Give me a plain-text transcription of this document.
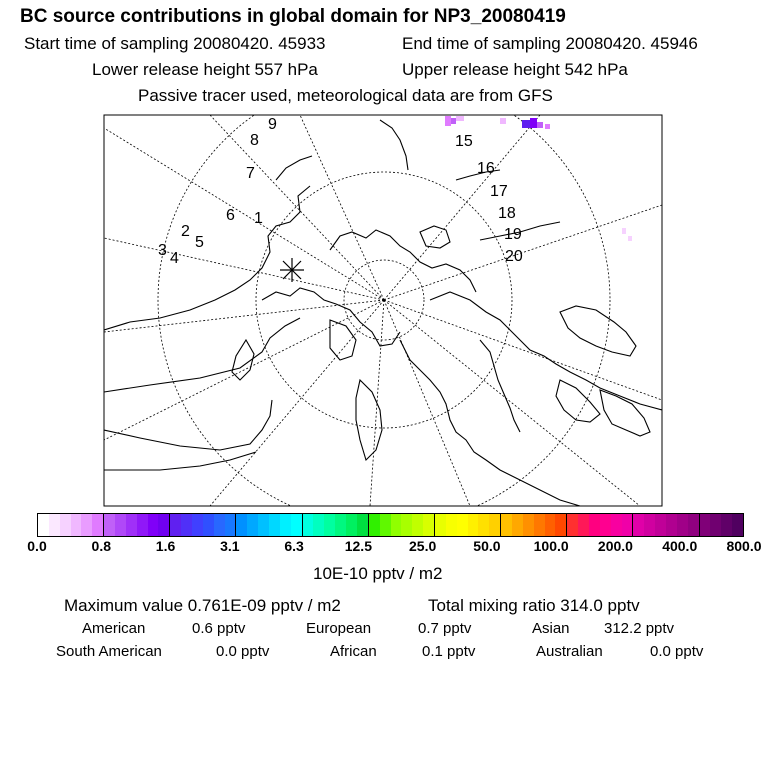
BC source contributions in global domain for NP3_20080419
Start time of sampling 20080420. 45933	End time of sampling 20080420. 45946
Lower release height 557 hPa	Upper release height 542 hPa
Passive tracer used, meteorological data are from GFS
1
2
3 4
5
6
7
8
9
15
16
17
18
19
20
0.0	0.8	1.6	3.1	6.3	12.5	25.0	50.0 100.0 200.0 400.0 800.0
10E-10 pptv / m2
Maximum value 0.761E-09 pptv / m2	Total mixing ratio 314.0 pptv
American	0.6 pptv	European	0.7 pptv	Asian 312.2 pptv
South American	0.0 pptv	African	0.1 pptv	Australian	0.0 pptv
